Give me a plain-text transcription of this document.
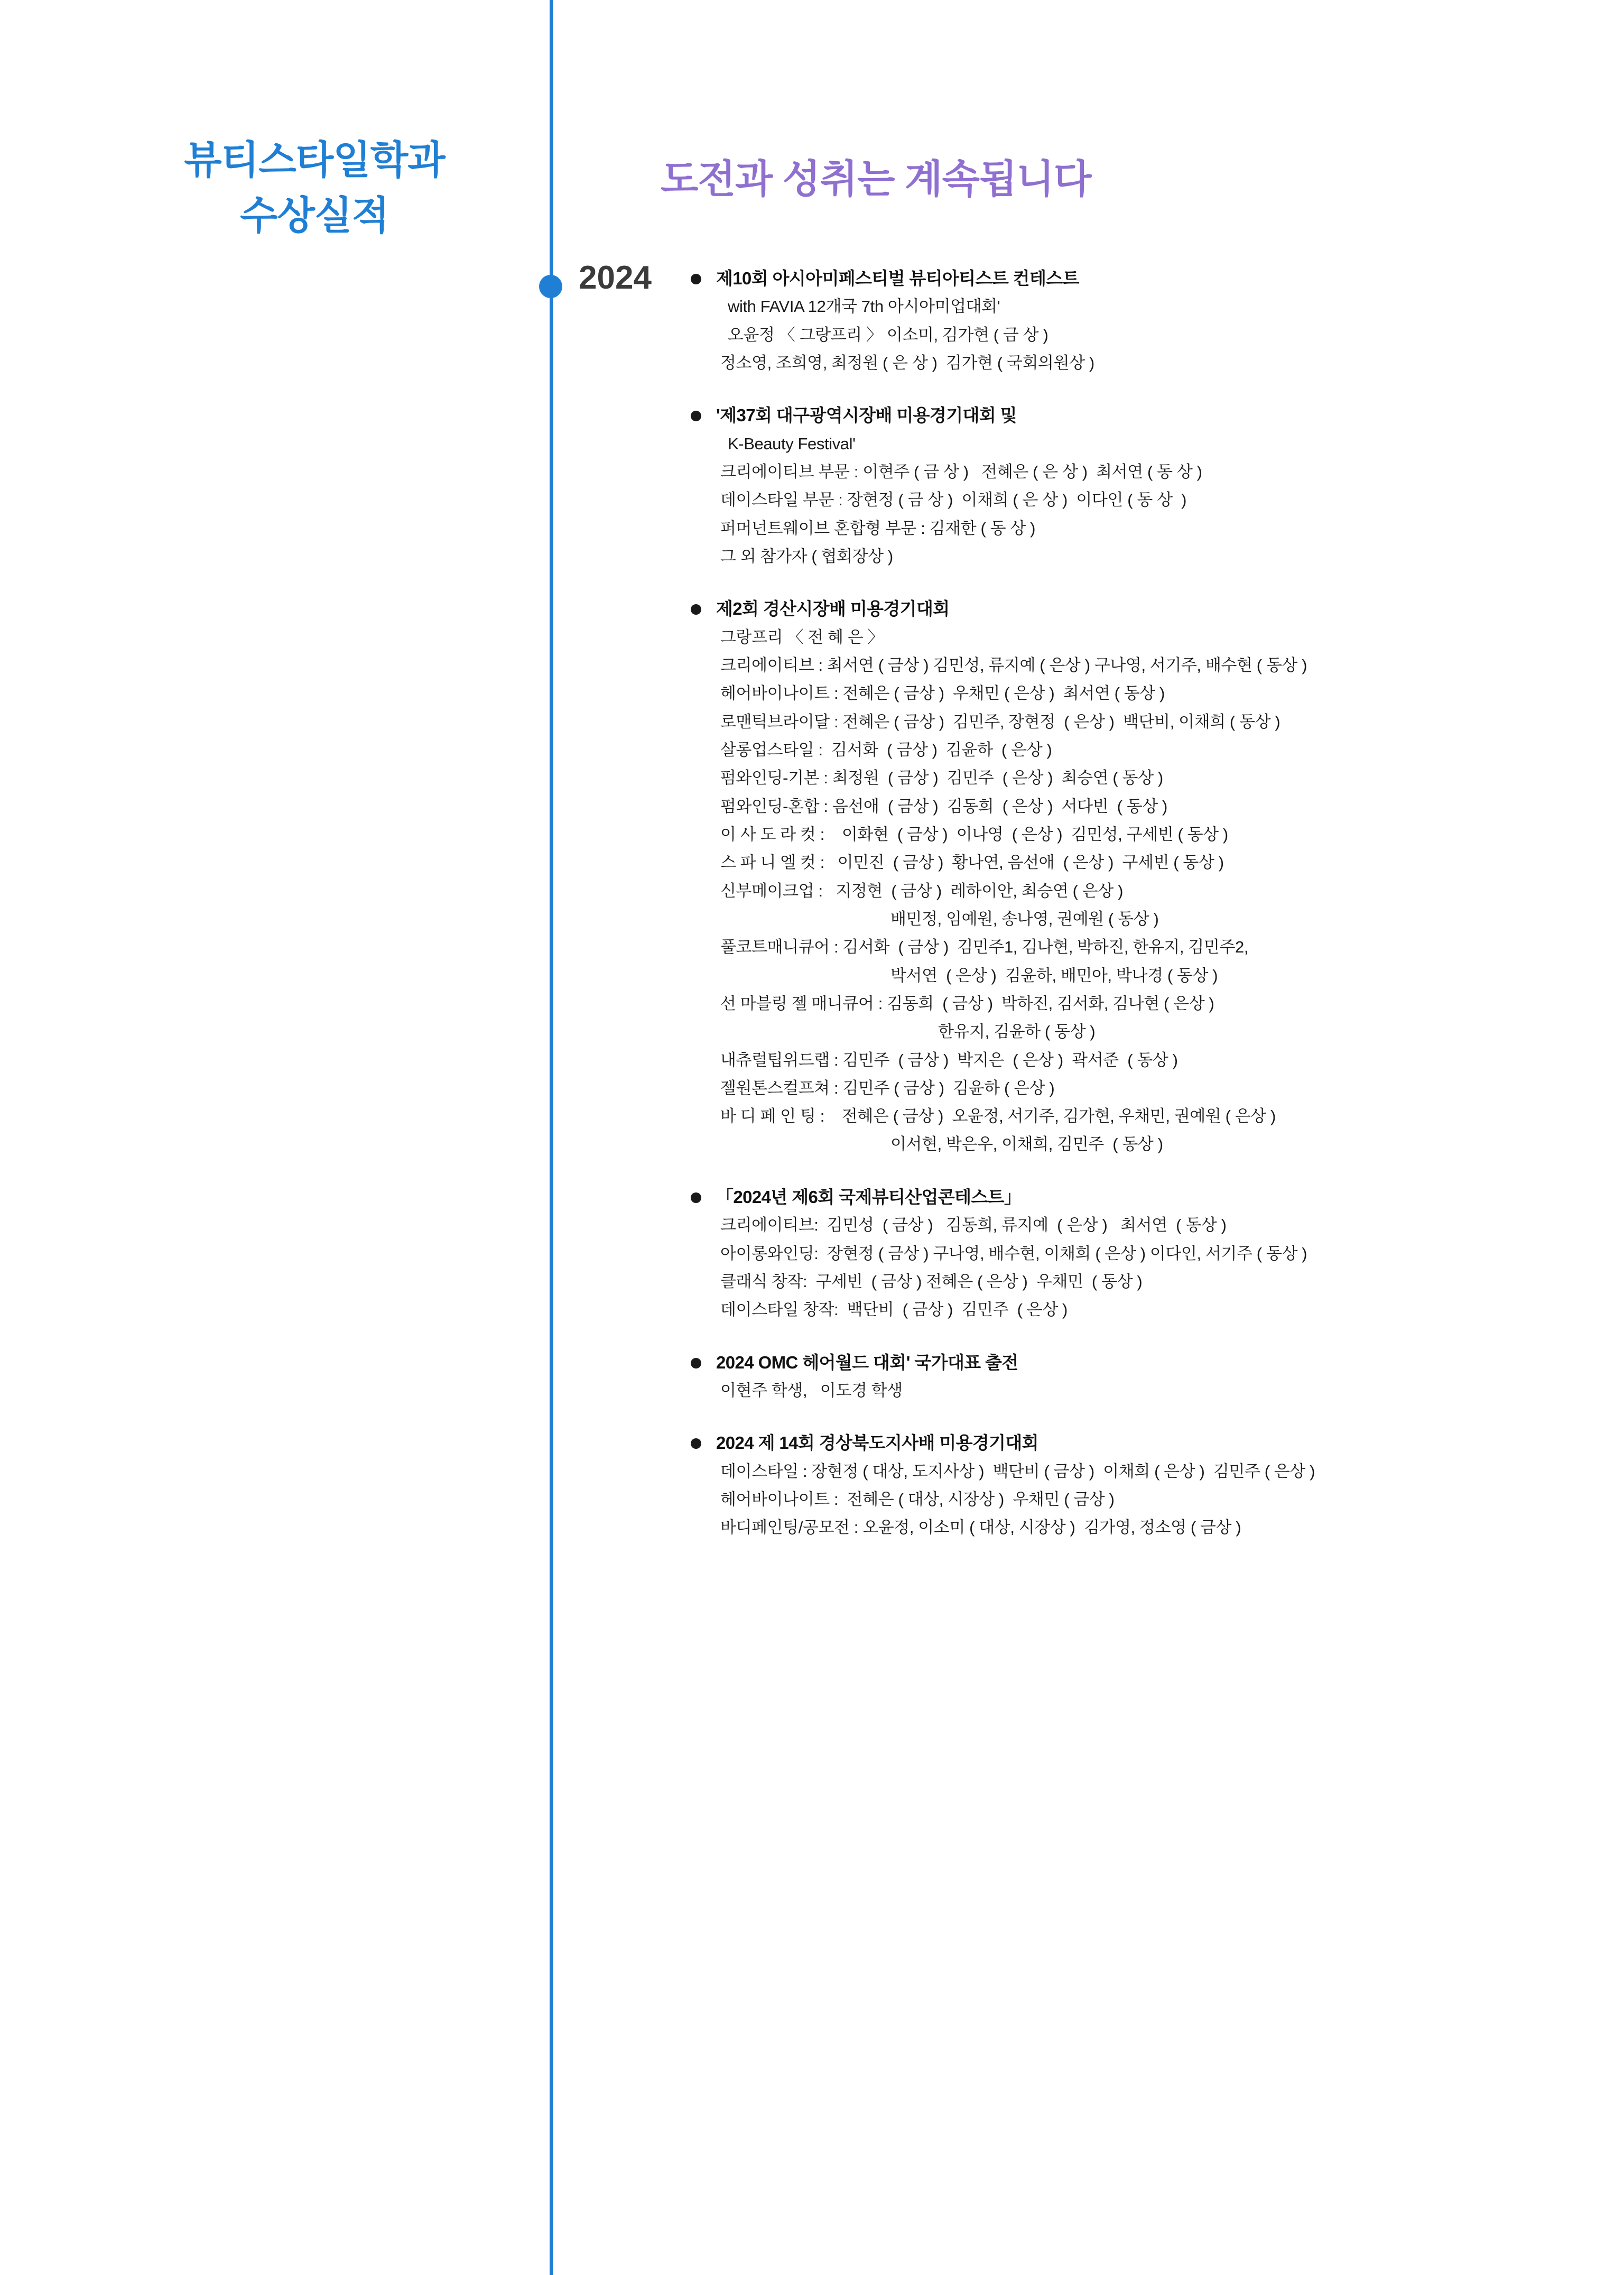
뷰티스타일학과
수상실적
도전과 성취는 계속됩니다
2024	제10회 아시아미페스티벌 뷰티아티스트 컨테스트
with FAVIA 12개국 7th 아시아미업대회'
오윤정 〈 그랑프리 〉 이소미, 김가현 ( 금 상 )
정소영, 조희영, 최정원 ( 은 상 )  김가현 ( 국회의원상 )
'제37회 대구광역시장배 미용경기대회 및
K-Beauty Festival'
크리에이티브 부문 : 이현주 ( 금 상 )   전혜은 ( 은 상 )  최서연 ( 동 상 )
데이스타일 부문 : 장현정 ( 금 상 )  이채희 ( 은 상 )  이다인 ( 동 상  )
퍼머넌트웨이브 혼합형 부문 : 김재한 ( 동 상 )
그 외 참가자 ( 협회장상 )
제2회 경산시장배 미용경기대회
그랑프리 〈 전 혜 은 〉
크리에이티브 : 최서연 ( 금상 ) 김민성, 류지예 ( 은상 ) 구나영, 서기주, 배수현 ( 동상 )
헤어바이나이트 : 전혜은 ( 금상 )  우채민 ( 은상 )  최서연 ( 동상 )
로맨틱브라이달 : 전혜은 ( 금상 )  김민주, 장현정  ( 은상 )  백단비, 이채희 ( 동상 )
살롱업스타일 :  김서화  ( 금상 )  김윤하  ( 은상 )
펌와인딩-기본 : 최정원  ( 금상 )  김민주  ( 은상 )  최승연 ( 동상 )
펌와인딩-혼합 : 음선애  ( 금상 )  김동희  ( 은상 )  서다빈  ( 동상 )
이 사 도 라 컷 :    이화현  ( 금상 )  이나영  ( 은상 )  김민성, 구세빈 ( 동상 )
스 파 니 엘 컷 :   이민진  ( 금상 )  황나연, 음선애  ( 은상 )  구세빈 ( 동상 )
신부메이크업 :   지정현  ( 금상 )  레하이안, 최승연 ( 은상 )
배민정, 임예원, 송나영, 권예원 ( 동상 )
풀코트매니큐어 : 김서화  ( 금상 )  김민주1, 김나현, 박하진, 한유지, 김민주2,
박서연  ( 은상 )  김윤하, 배민아, 박나경 ( 동상 )
선 마블링 젤 매니큐어 : 김동희  ( 금상 )  박하진, 김서화, 김나현 ( 은상 )
한유지, 김윤하 ( 동상 )
내츄럴팁위드랩 : 김민주  ( 금상 )  박지은  ( 은상 )  곽서준  ( 동상 )
젤원톤스컬프쳐 : 김민주 ( 금상 )  김윤하 ( 은상 )
바 디 페 인 팅 :    전혜은 ( 금상 )  오윤정, 서기주, 김가현, 우채민, 권예원 ( 은상 )
이서현, 박은우, 이채희, 김민주  ( 동상 )
「2024년 제6회 국제뷰티산업콘테스트」
크리에이티브:  김민성  ( 금상 )   김동희, 류지예  ( 은상 )   최서연  ( 동상 )
아이롱와인딩:  장현정 ( 금상 ) 구나영, 배수현, 이채희 ( 은상 ) 이다인, 서기주 ( 동상 )
클래식 창작:  구세빈  ( 금상 ) 전혜은 ( 은상 )  우채민  ( 동상 )
데이스타일 창작:  백단비  ( 금상 )  김민주  ( 은상 )
2024 OMC 헤어월드 대회' 국가대표 출전
이현주 학생,   이도경 학생
2024 제 14회 경상북도지사배 미용경기대회
데이스타일 : 장현정 ( 대상, 도지사상 )  백단비 ( 금상 )  이채희 ( 은상 )  김민주 ( 은상 )
헤어바이나이트 :  전혜은 ( 대상, 시장상 )  우채민 ( 금상 )
바디페인팅/공모전 : 오윤정, 이소미 ( 대상, 시장상 )  김가영, 정소영 ( 금상 )
